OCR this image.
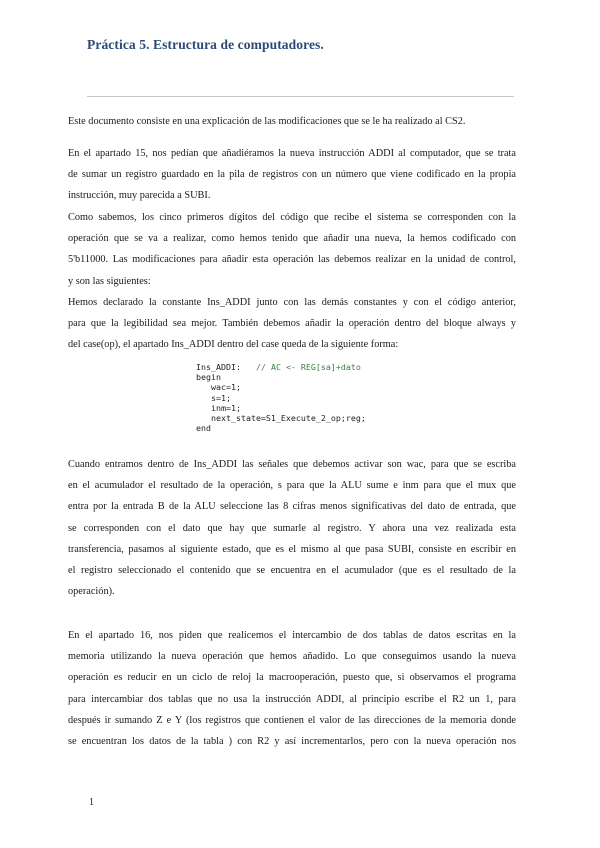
Práctica 5. Estructura de computadores.
Este documento consiste en una explicación de las modificaciones que se le ha realizado al CS2.
En el apartado 15, nos pedían que añadiéramos la nueva instrucción ADDI al computador, que se trata
de sumar un registro guardado en la pila de registros con un número que viene codificado en la propia
instrucción, muy parecida a SUBI.
Como sabemos, los cinco primeros dígitos del código que recibe el sistema se corresponden con la
operación que se va a realizar, como hemos tenido que añadir una nueva, la hemos codificado con
5'b11000. Las modificaciones para añadir esta operación las debemos realizar en la unidad de control,
y son las siguientes:
Hemos declarado la constante Ins_ADDI junto con las demás constantes y con el código anterior,
para que la legibilidad sea mejor. También debemos añadir la operación dentro del bloque always y
del case(op), el apartado Ins_ADDI dentro del case queda de la siguiente forma:
Ins_ADDI: // AC <- REG[sa]+dato
begin
wac=1;
s=1;
inm=1;
next_state=S1_Execute_2_op;reg;
end
Cuando entramos dentro de Ins_ADDI las señales que debemos activar son wac, para que se escriba
en el acumulador el resultado de la operación, s para que la ALU sume e inm para que el mux que
entra por la entrada B de la ALU seleccione las 8 cifras menos significativas del dato de entrada, que
se corresponden con el dato que hay que sumarle al registro. Y ahora una vez realizada esta
transferencia, pasamos al siguiente estado, que es el mismo al que pasa SUBI, consiste en escribir en
el registro seleccionado el contenido que se encuentra en el acumulador (que es el resultado de la
operación).
En el apartado 16, nos piden que realicemos el intercambio de dos tablas de datos escritas en la
memoria utilizando la nueva operación que hemos añadido. Lo que conseguimos usando la nueva
operación es reducir en un ciclo de reloj la macrooperación, puesto que, si observamos el programa
para intercambiar dos tablas que no usa la instrucción ADDI, al principio escribe el R2 un 1, para
después ir sumando Z e Y (los registros que contienen el valor de las direcciones de la memoria donde
se encuentran los datos de la tabla ) con R2 y así incrementarlos, pero con la nueva operación nos
1
